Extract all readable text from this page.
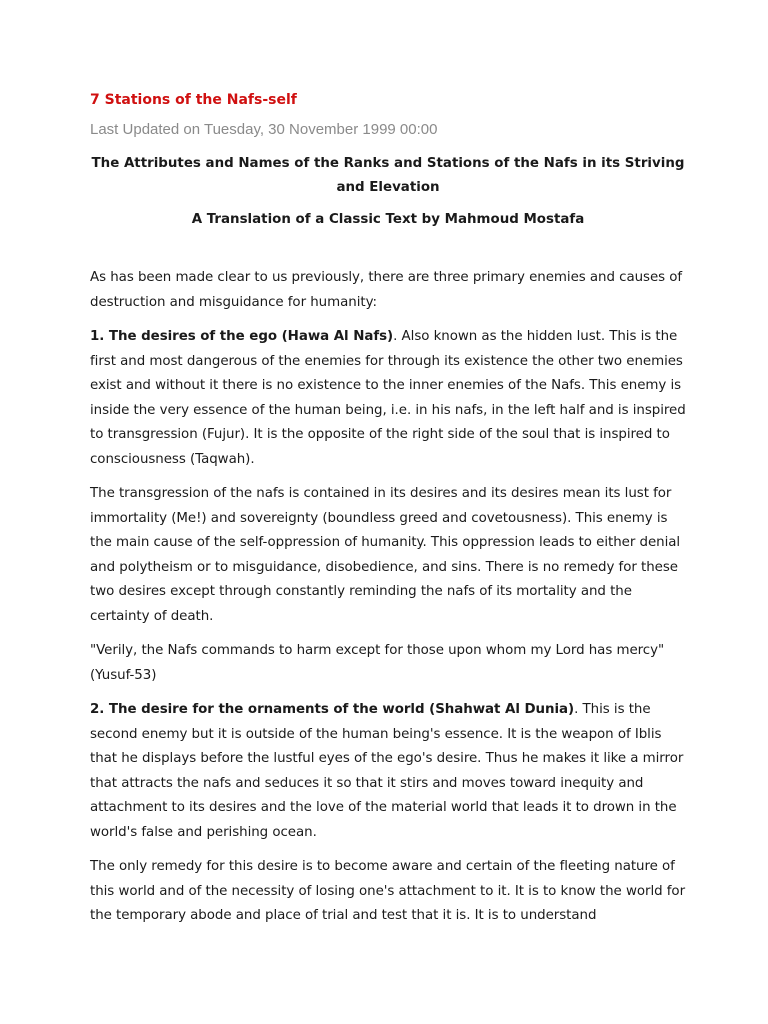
7 Stations of the Nafs-self
Last Updated on Tuesday, 30 November 1999 00:00

The Attributes and Names of the Ranks and Stations of the Nafs in its Striving and Elevation

A Translation of a Classic Text by Mahmoud Mostafa

As has been made clear to us previously, there are three primary enemies and causes of destruction and misguidance for humanity:

1. The desires of the ego (Hawa Al Nafs). Also known as the hidden lust. This is the first and most dangerous of the enemies for through its existence the other two enemies exist and without it there is no existence to the inner enemies of the Nafs. This enemy is inside the very essence of the human being, i.e. in his nafs, in the left half and is inspired to transgression (Fujur). It is the opposite of the right side of the soul that is inspired to consciousness (Taqwah).

The transgression of the nafs is contained in its desires and its desires mean its lust for immortality (Me!) and sovereignty (boundless greed and covetousness). This enemy is the main cause of the self-oppression of humanity. This oppression leads to either denial and polytheism or to misguidance, disobedience, and sins. There is no remedy for these two desires except through constantly reminding the nafs of its mortality and the certainty of death.

"Verily, the Nafs commands to harm except for those upon whom my Lord has mercy" (Yusuf-53)

2. The desire for the ornaments of the world (Shahwat Al Dunia). This is the second enemy but it is outside of the human being's essence. It is the weapon of Iblis that he displays before the lustful eyes of the ego's desire. Thus he makes it like a mirror that attracts the nafs and seduces it so that it stirs and moves toward inequity and attachment to its desires and the love of the material world that leads it to drown in the world's false and perishing ocean.

The only remedy for this desire is to become aware and certain of the fleeting nature of this world and of the necessity of losing one's attachment to it. It is to know the world for the temporary abode and place of trial and test that it is. It is to understand
